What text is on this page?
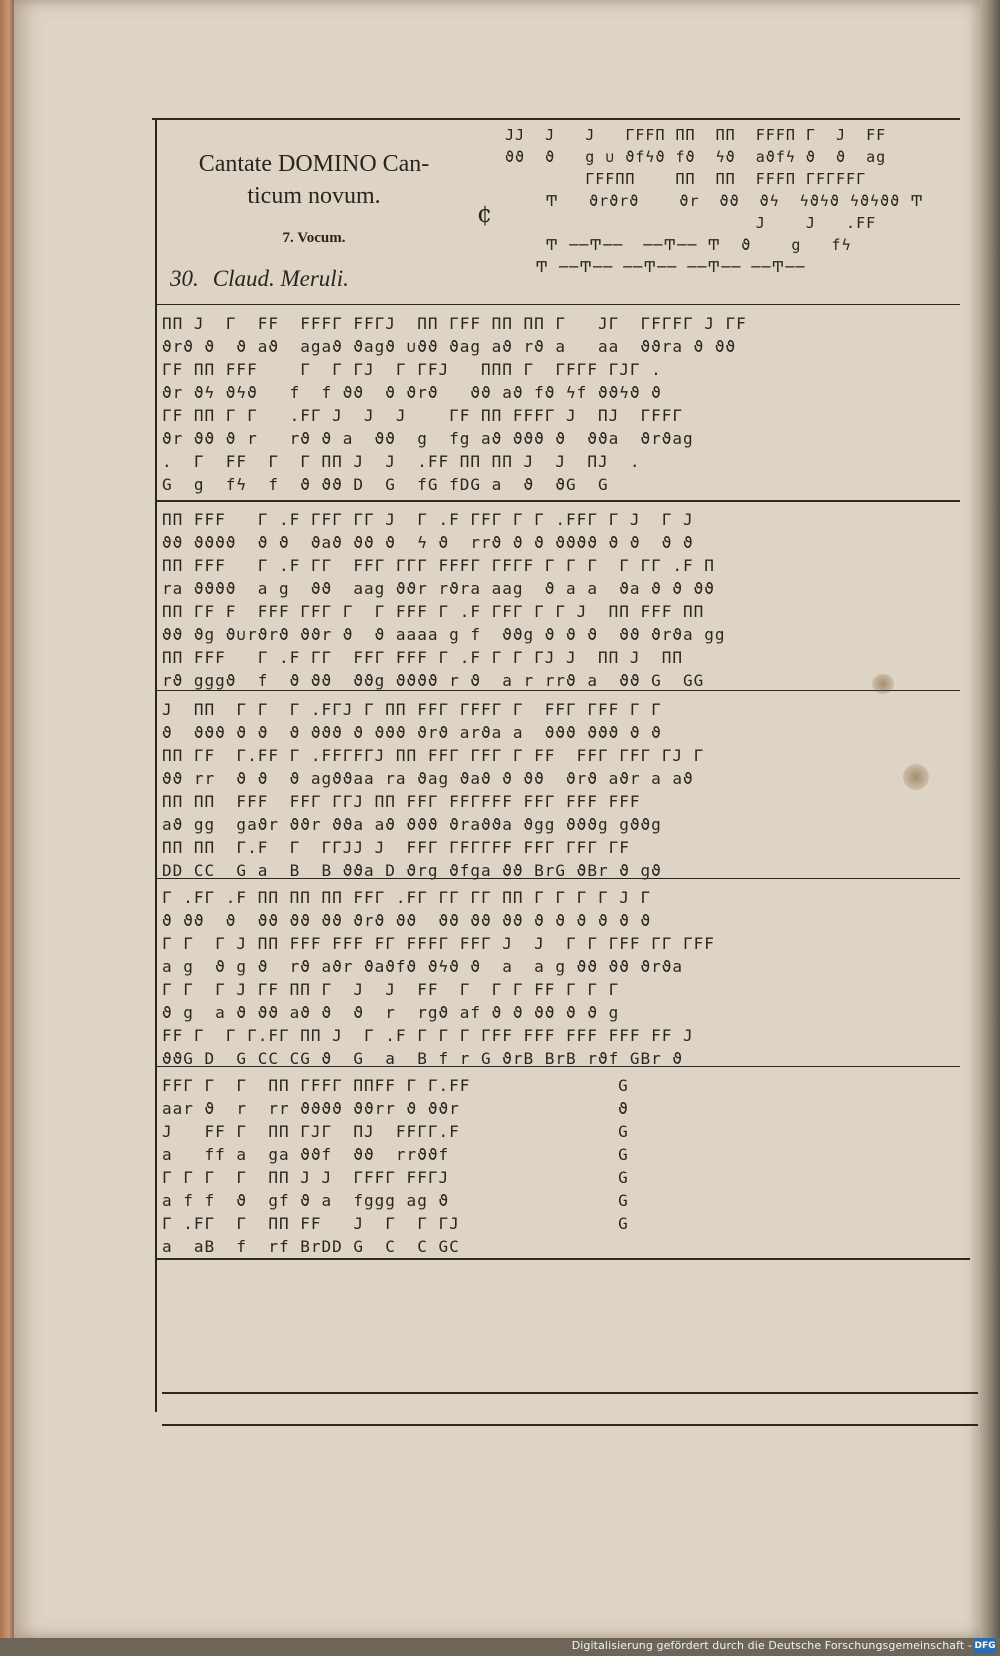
Cantate DOMINO Can-
ticum novum.
7. Vocum.
30. Claud. Meruli.
¢
JJ  J   J   ΓFFΠ ΠΠ  ΠΠ  FFFΠ Γ  J  FF
ϑϑ  ϑ   g ∪ ϑfϟϑ fϑ  ϟϑ  aϑfϟ ϑ  ϑ  ag
ΓFFΠΠ    ΠΠ  ΠΠ  FFFΠ ΓFΓFFΓ
Ͳ   ϑrϑrϑ    ϑr  ϑϑ  ϑϟ  ϟϑϟϑ ϟϑϟϑϑ Ͳ
J    J   .FF
Ͳ ──Ͳ──  ──Ͳ── Ͳ  ϑ    g   fϟ
Ͳ ──Ͳ── ──Ͳ── ──Ͳ── ──Ͳ──
ΠΠ J  Γ  FF  FFFΓ FFΓJ  ΠΠ ΓFF ΠΠ ΠΠ Γ   JΓ  ΓFΓFΓ J ΓF
ϑrϑ ϑ  ϑ aϑ  agaϑ ϑagϑ ∪ϑϑ ϑag aϑ rϑ a   aa  ϑϑra ϑ ϑϑ
ΓF ΠΠ FFF    Γ  Γ ΓJ  Γ ΓFJ   ΠΠΠ Γ  ΓFΓF ΓJΓ .
ϑr ϑϟ ϑϟϑ   f  f ϑϑ  ϑ ϑrϑ   ϑϑ aϑ fϑ ϟf ϑϑϟϑ ϑ
ΓF ΠΠ Γ Γ   .FΓ J  J  J    ΓF ΠΠ FFFΓ J  ΠJ  ΓFFΓ
ϑr ϑϑ ϑ r   rϑ ϑ a  ϑϑ  g  fg aϑ ϑϑϑ ϑ  ϑϑa  ϑrϑag
.  Γ  FF  Γ  Γ ΠΠ J  J  .FF ΠΠ ΠΠ J  J  ΠJ  .
G  g  fϟ  f  ϑ ϑϑ D  G  fG fDG a  ϑ  ϑG  G
ΠΠ FFF   Γ .F ΓFΓ ΓΓ J  Γ .F ΓFΓ Γ Γ .FFΓ Γ J  Γ J
ϑϑ ϑϑϑϑ  ϑ ϑ  ϑaϑ ϑϑ ϑ  ϟ ϑ  rrϑ ϑ ϑ ϑϑϑϑ ϑ ϑ  ϑ ϑ
ΠΠ FFF   Γ .F ΓΓ  FFΓ ΓΓΓ FFFΓ ΓFΓF Γ Γ Γ  Γ ΓΓ .F Π
ra ϑϑϑϑ  a g  ϑϑ  aag ϑϑr rϑra aag  ϑ a a  ϑa ϑ ϑ ϑϑ
ΠΠ ΓF F  FFF ΓFΓ Γ  Γ FFF Γ .F ΓFΓ Γ Γ J  ΠΠ FFF ΠΠ
ϑϑ ϑg ϑ∪rϑrϑ ϑϑr ϑ  ϑ aaaa g f  ϑϑg ϑ ϑ ϑ  ϑϑ ϑrϑa gg
ΠΠ FFF   Γ .F ΓΓ  FFΓ FFF Γ .F Γ Γ ΓJ J  ΠΠ J  ΠΠ
rϑ gggϑ  f  ϑ ϑϑ  ϑϑg ϑϑϑϑ r ϑ  a r rrϑ a  ϑϑ G  GG
J  ΠΠ  Γ Γ  Γ .FΓJ Γ ΠΠ FFΓ ΓFFΓ Γ  FFΓ ΓFF Γ Γ
ϑ  ϑϑϑ ϑ ϑ  ϑ ϑϑϑ ϑ ϑϑϑ ϑrϑ arϑa a  ϑϑϑ ϑϑϑ ϑ ϑ
ΠΠ ΓF  Γ.FF Γ .FFΓFΓJ ΠΠ FFΓ ΓFΓ Γ FF  FFΓ ΓFΓ ΓJ Γ
ϑϑ rr  ϑ ϑ  ϑ agϑϑaa ra ϑag ϑaϑ ϑ ϑϑ  ϑrϑ aϑr a aϑ
ΠΠ ΠΠ  FFF  FFΓ ΓΓJ ΠΠ FFΓ FFΓFFF FFΓ FFF FFF
aϑ gg  gaϑr ϑϑr ϑϑa aϑ ϑϑϑ ϑraϑϑa ϑgg ϑϑϑg gϑϑg
ΠΠ ΠΠ  Γ.F  Γ  ΓΓJJ J  FFΓ ΓFΓΓFF FFΓ ΓFΓ ΓF
DD CC  G a  B  B ϑϑa D ϑrg ϑfga ϑϑ BrG ϑBr ϑ gϑ
Γ .FΓ .F ΠΠ ΠΠ ΠΠ FFΓ .FΓ ΓΓ ΓΓ ΠΠ Γ Γ Γ Γ J Γ
ϑ ϑϑ  ϑ  ϑϑ ϑϑ ϑϑ ϑrϑ ϑϑ  ϑϑ ϑϑ ϑϑ ϑ ϑ ϑ ϑ ϑ ϑ
Γ Γ  Γ J ΠΠ FFF FFF FΓ FFFΓ FFΓ J  J  Γ Γ ΓFF ΓΓ ΓFF
a g  ϑ g ϑ  rϑ aϑr ϑaϑfϑ ϑϟϑ ϑ  a  a g ϑϑ ϑϑ ϑrϑa
Γ Γ  Γ J ΓF ΠΠ Γ  J  J  FF  Γ  Γ Γ FF Γ Γ Γ
ϑ g  a ϑ ϑϑ aϑ ϑ  ϑ  r  rgϑ af ϑ ϑ ϑϑ ϑ ϑ g
FF Γ  Γ Γ.FΓ ΠΠ J  Γ .F Γ Γ Γ ΓFF FFF FFF FFF FF J
ϑϑG D  G CC CG ϑ  G  a  B f r G ϑrB BrB rϑf GBr ϑ
FFΓ Γ  Γ  ΠΠ ΓFFΓ ΠΠFF Γ Γ.FF
aar ϑ  r  rr ϑϑϑϑ ϑϑrr ϑ ϑϑr
J   FF Γ  ΠΠ ΓJΓ  ΠJ  FFΓΓ.F
a   ff a  ga ϑϑf  ϑϑ  rrϑϑf
Γ Γ Γ  Γ  ΠΠ J J  ΓFFΓ FFΓJ
a f f  ϑ  gf ϑ a  fggg ag ϑ
Γ .FΓ  Γ  ΠΠ FF   J  Γ  Γ ΓJ
a  aB  f  rf BrDD G  C  C GC
G
ϑ
G
G
G
G
G
Digitalisierung gefördert durch die Deutsche Forschungsgemeinschaft - DFG
